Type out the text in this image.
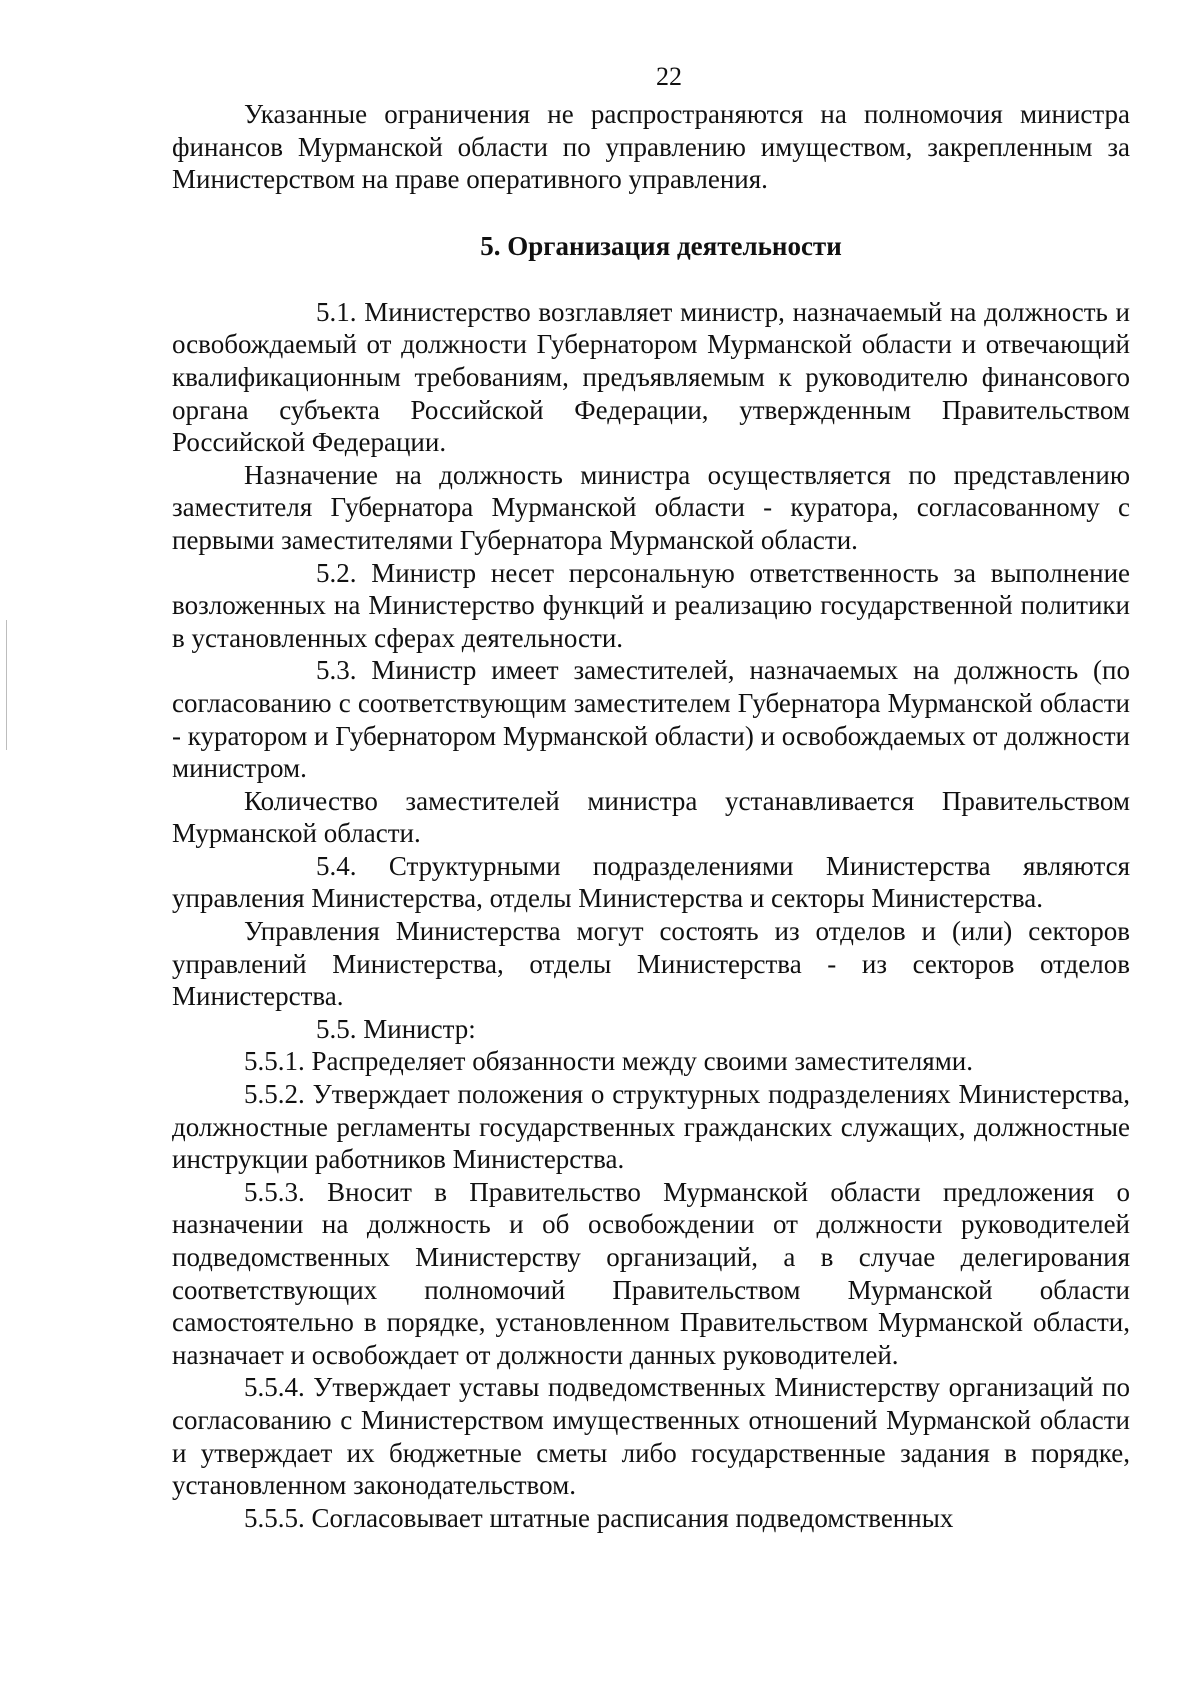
22

Указанные ограничения не распространяются на полномочия министра финансов Мурманской области по управлению имуществом, закрепленным за Министерством на праве оперативного управления.

5. Организация деятельности

5.1. Министерство возглавляет министр, назначаемый на должность и освобождаемый от должности Губернатором Мурманской области и отвечающий квалификационным требованиям, предъявляемым к руководителю финансового органа субъекта Российской Федерации, утвержденным Правительством Российской Федерации.

Назначение на должность министра осуществляется по представлению заместителя Губернатора Мурманской области - куратора, согласованному с первыми заместителями Губернатора Мурманской области.

5.2. Министр несет персональную ответственность за выполнение возложенных на Министерство функций и реализацию государственной политики в установленных сферах деятельности.

5.3. Министр имеет заместителей, назначаемых на должность (по согласованию с соответствующим заместителем Губернатора Мурманской области - куратором и Губернатором Мурманской области) и освобождаемых от должности министром.

Количество заместителей министра устанавливается Правительством Мурманской области.

5.4. Структурными подразделениями Министерства являются управления Министерства, отделы Министерства и секторы Министерства.

Управления Министерства могут состоять из отделов и (или) секторов управлений Министерства, отделы Министерства - из секторов отделов Министерства.

5.5. Министр:

5.5.1. Распределяет обязанности между своими заместителями.

5.5.2. Утверждает положения о структурных подразделениях Министерства, должностные регламенты государственных гражданских служащих, должностные инструкции работников Министерства.

5.5.3. Вносит в Правительство Мурманской области предложения о назначении на должность и об освобождении от должности руководителей подведомственных Министерству организаций, а в случае делегирования соответствующих полномочий Правительством Мурманской области самостоятельно в порядке, установленном Правительством Мурманской области, назначает и освобождает от должности данных руководителей.

5.5.4. Утверждает уставы подведомственных Министерству организаций по согласованию с Министерством имущественных отношений Мурманской области и утверждает их бюджетные сметы либо государственные задания в порядке, установленном законодательством.

5.5.5. Согласовывает штатные расписания подведомственных
